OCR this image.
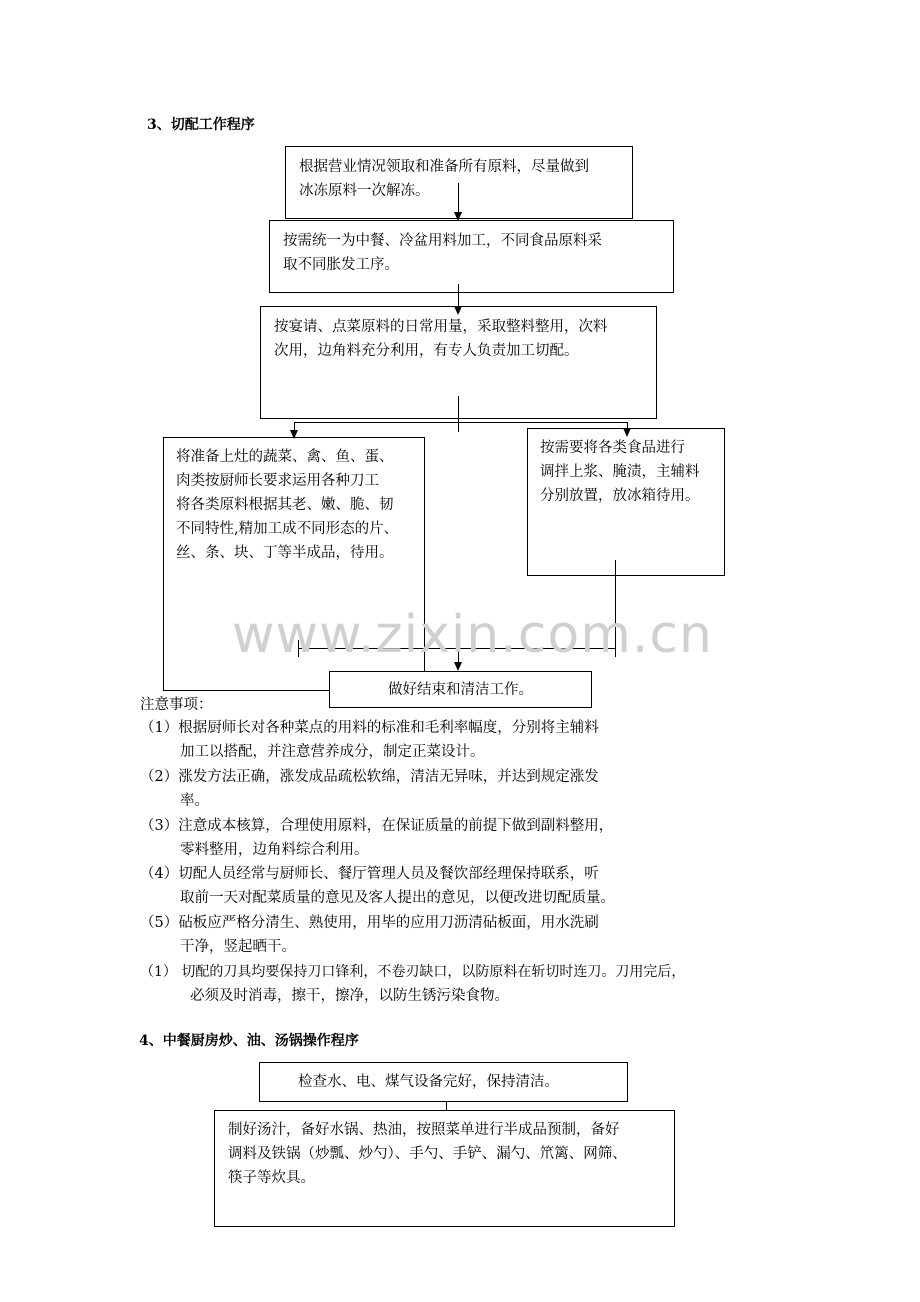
3、切配工作程序
根据营业情况领取和准备所有原料，尽量做到
冰冻原料一次解冻。
按需统一为中餐、冷盆用料加工，不同食品原料采
取不同胀发工序。
按宴请、点菜原料的日常用量，采取整料整用，次料
次用，边角料充分利用，有专人负责加工切配。
将准备上灶的蔬菜、禽、鱼、蛋、
肉类按厨师长要求运用各种刀工
将各类原料根据其老、嫩、脆、韧
不同特性,精加工成不同形态的片、
丝、条、块、丁等半成品，待用。
按需要将各类食品进行
调拌上浆、腌渍，主辅料
分别放置，放冰箱待用。
做好结束和清洁工作。
www.zixin.com.cn
注意事项：
（1）根据厨师长对各种菜点的用料的标准和毛利率幅度，分别将主辅料
加工以搭配，并注意营养成分，制定正菜设计。
（2）涨发方法正确，涨发成品疏松软绵，清洁无异味，并达到规定涨发
率。
（3）注意成本核算，合理使用原料，在保证质量的前提下做到副料整用，
零料整用，边角料综合利用。
（4）切配人员经常与厨师长、餐厅管理人员及餐饮部经理保持联系，听
取前一天对配菜质量的意见及客人提出的意见，以便改进切配质量。
（5）砧板应严格分清生、熟使用，用毕的应用刀沥清砧板面，用水洗刷
干净，竖起晒干。
（1） 切配的刀具均要保持刀口锋利，不卷刃缺口，以防原料在斩切时连刀。刀用完后，
必须及时消毒，擦干，擦净，以防生锈污染食物。
4、中餐厨房炒、油、汤锅操作程序
检查水、电、煤气设备完好，保持清洁。
制好汤汁，备好水锅、热油，按照菜单进行半成品预制，备好
调料及铁锅（炒瓢、炒勺）、手勺、手铲、漏勺、笊篱、网筛、
筷子等炊具。
